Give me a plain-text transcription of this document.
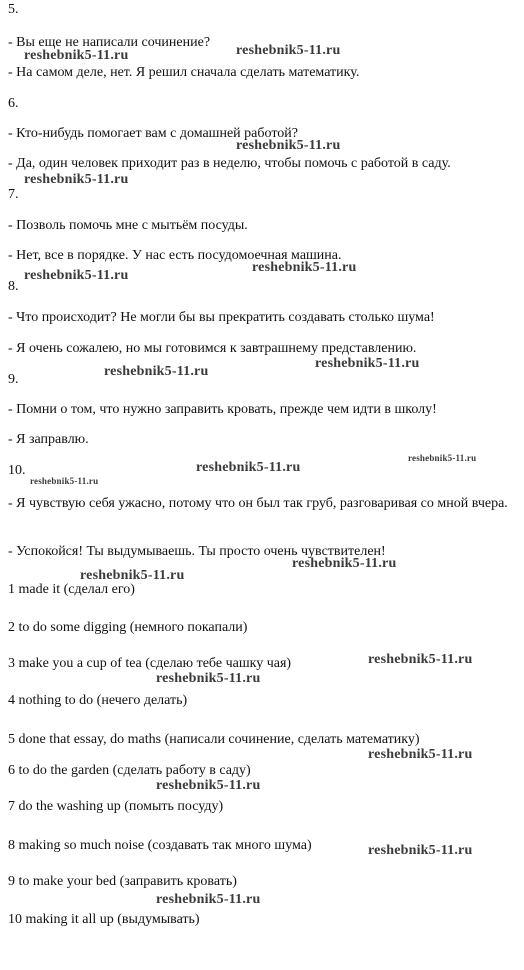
5.
- Вы еще не написали сочинение?
- На самом деле, нет. Я решил сначала сделать математику.
6.
- Кто-нибудь помогает вам с домашней работой?
- Да, один человек приходит раз в неделю, чтобы помочь с работой в саду.
7.
- Позволь помочь мне с мытьём посуды.
- Нет, все в порядке. У нас есть посудомоечная машина.
8.
- Что происходит? Не могли бы вы прекратить создавать столько шума!
- Я очень сожалею, но мы готовимся к завтрашнему представлению.
9.
- Помни о том, что нужно заправить кровать, прежде чем идти в школу!
- Я заправлю.
10.
- Я чувствую себя ужасно, потому что он был так груб, разговаривая со мной вчера.
- Успокойся! Ты выдумываешь. Ты просто очень чувствителен!
1 made it (сделал его)
2 to do some digging (немного покапали)
3 make you a cup of tea (сделаю тебе чашку чая)
4 nothing to do (нечего делать)
5 done that essay, do maths (написали сочинение, сделать математику)
6 to do the garden (сделать работу в саду)
7 do the washing up (помыть посуду)
8 making so much noise (создавать так много шума)
9 to make your bed (заправить кровать)
10 making it all up (выдумывать)
reshebnik5-11.ru	reshebnik5-11.ru
reshebnik5-11.ru
reshebnik5-11.ru
reshebnik5-11.ru
reshebnik5-11.ru
reshebnik5-11.ru
reshebnik5-11.ru
reshebnik5-11.ru
reshebnik5-11.ru
reshebnik5-11.ru
reshebnik5-11.ru
reshebnik5-11.ru
reshebnik5-11.ru
reshebnik5-11.ru
reshebnik5-11.ru
reshebnik5-11.ru
reshebnik5-11.ru
reshebnik5-11.ru
